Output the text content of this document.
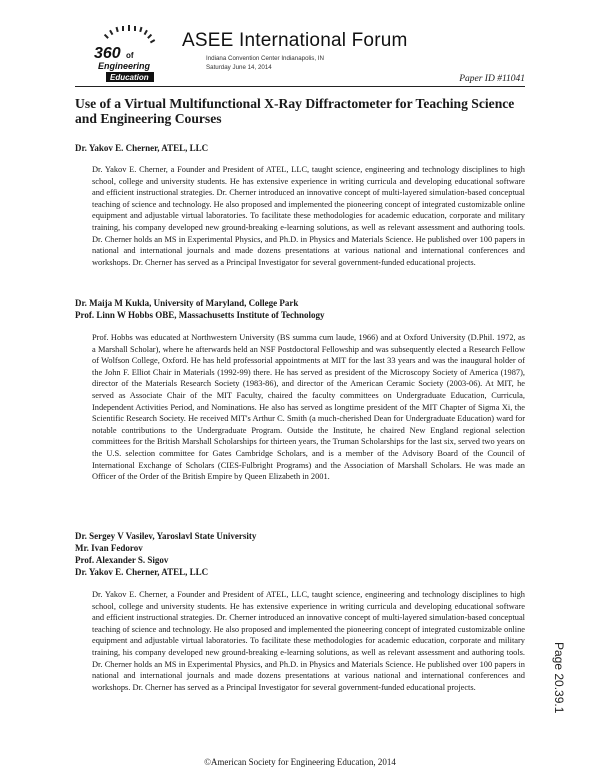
360 of
Engineering
Education
ASEE International Forum
Indiana Convention Center Indianapolis, IN
Saturday June 14, 2014
Paper ID #11041
Use of a Virtual Multifunctional X-Ray Diffractometer for Teaching Science and Engineering Courses

Dr. Yakov E. Cherner, ATEL, LLC

Dr. Yakov E. Cherner, a Founder and President of ATEL, LLC, taught science, engineering and technology disciplines to high school, college and university students. He has extensive experience in writing curricula and developing educational software and efficient instructional strategies. Dr. Cherner introduced an innovative concept of multi-layered simulation-based conceptual teaching of science and technology. He also proposed and implemented the pioneering concept of integrated customizable online equipment and adjustable virtual laboratories. To facilitate these methodologies for academic education, corporate and military training, his company developed new ground-breaking e-learning solutions, as well as relevant assessment and authoring tools. Dr. Cherner holds an MS in Experimental Physics, and Ph.D. in Physics and Materials Science. He published over 100 papers in national and international journals and made dozens presentations at various national and international conferences and workshops. Dr. Cherner has served as a Principal Investigator for several government-funded educational projects.

Dr. Maija M Kukla, University of Maryland, College Park

Prof. Linn W Hobbs OBE, Massachusetts Institute of Technology

Prof. Hobbs was educated at Northwestern University (BS summa cum laude, 1966) and at Oxford University (D.Phil. 1972, as a Marshall Scholar), where he afterwards held an NSF Postdoctoral Fellowship and was subsequently elected a Research Fellow of Wolfson College, Oxford. He has held professorial appointments at MIT for the last 33 years and was the inaugural holder of the John F. Elliot Chair in Materials (1992-99) there. He has served as president of the Microscopy Society of America (1987), director of the Materials Research Society (1983-86), and director of the American Ceramic Society (2003-06). At MIT, he served as Associate Chair of the MIT Faculty, chaired the faculty committees on Undergraduate Education, Curricula, Independent Activities Period, and Nominations. He also has served as longtime president of the MIT Chapter of Sigma Xi, the Scientific Research Society. He received MIT's Arthur C. Smith (a much-cherished Dean for Undergraduate Education) ward for notable contributions to the Undergraduate Program. Outside the Institute, he chaired New England regional selection committees for the British Marshall Scholarships for thirteen years, the Truman Scholarships for the last six, served two years on the U.S. selection committee for Gates Cambridge Scholars, and is a member of the Advisory Board of the Council of International Exchange of Scholars (CIES-Fulbright Programs) and the Association of Marshall Scholars. He was made an Officer of the Order of the British Empire by Queen Elizabeth in 2001.

Dr. Sergey V Vasilev, Yaroslavl State University

Mr. Ivan Fedorov

Prof. Alexander S. Sigov

Dr. Yakov E. Cherner, ATEL, LLC

Dr. Yakov E. Cherner, a Founder and President of ATEL, LLC, taught science, engineering and technology disciplines to high school, college and university students. He has extensive experience in writing curricula and developing educational software and efficient instructional strategies. Dr. Cherner introduced an innovative concept of multi-layered simulation-based conceptual teaching of science and technology. He also proposed and implemented the pioneering concept of integrated customizable online equipment and adjustable virtual laboratories. To facilitate these methodologies for academic education, corporate and military training, his company developed new ground-breaking e-learning solutions, as well as relevant assessment and authoring tools. Dr. Cherner holds an MS in Experimental Physics, and Ph.D. in Physics and Materials Science. He published over 100 papers in national and international journals and made dozens presentations at various national and international conferences and workshops. Dr. Cherner has served as a Principal Investigator for several government-funded educational projects.	Page 20.39.1
©American Society for Engineering Education, 2014
